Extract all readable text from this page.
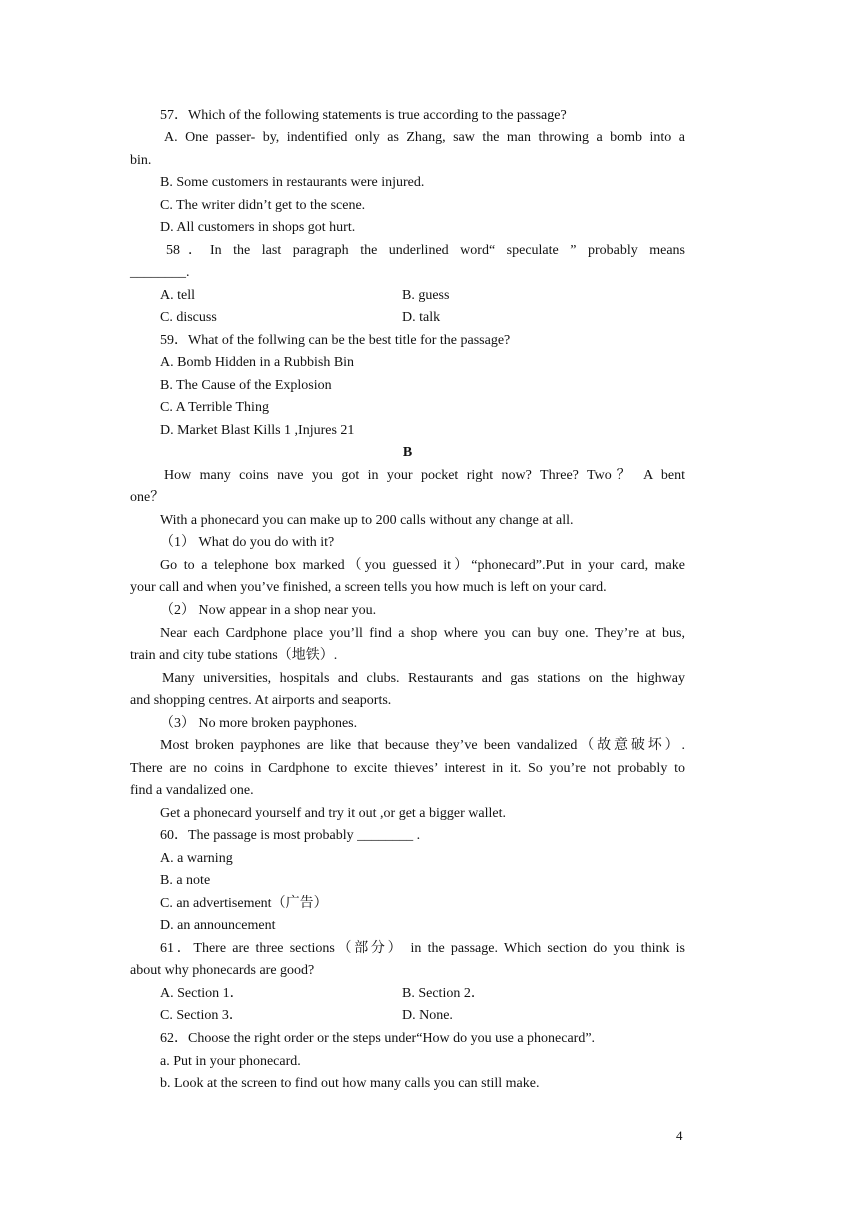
57．Which of the following statements is true according to the passage?
A. One passer- by, indentified only as Zhang, saw the man throwing a bomb into a
bin.
B. Some customers in restaurants were injured.
C. The writer didn’t get to the scene.
D. All customers in shops got hurt.
58．In the last paragraph the underlined word“ speculate ” probably means
________.
A. tell	B. guess
C. discuss	D. talk
59．What of the follwing can be the best title for the passage?
A. Bomb Hidden in a Rubbish Bin
B. The Cause of the Explosion
C. A Terrible Thing
D. Market Blast Kills 1 ,Injures 21
B
How many coins nave you got in your pocket right now? Three? Two？ A bent
one？
With a phonecard you can make up to 200 calls without any change at all.
（1） What do you do with it?
Go to a telephone box marked（you guessed it）“phonecard”.Put in your card, make
your call and when you’ve finished, a screen tells you how much is left on your card.
（2） Now appear in a shop near you.
Near each Cardphone place you’ll find a shop where you can buy one. They’re at bus,
train and city tube stations（地铁）.
Many universities, hospitals and clubs. Restaurants and gas stations on the highway
and shopping centres. At airports and seaports.
（3） No more broken payphones.
Most broken payphones are like that because they’ve been vandalized（故意破坏）.
There are no coins in Cardphone to excite thieves’ interest in it. So you’re not probably to
find a vandalized one.
Get a phonecard yourself and try it out ,or get a bigger wallet.
60．The passage is most probably ________ .
A. a warning
B. a note
C. an advertisement（广告）
D. an announcement
61．There are three sections（部分） in the passage. Which section do you think is
about why phonecards are good?
A. Section 1．	B. Section 2．
C. Section 3．	D. None.
62．Choose the right order or the steps under“How do you use a phonecard”.
a. Put in your phonecard.
b. Look at the screen to find out how many calls you can still make.
4
